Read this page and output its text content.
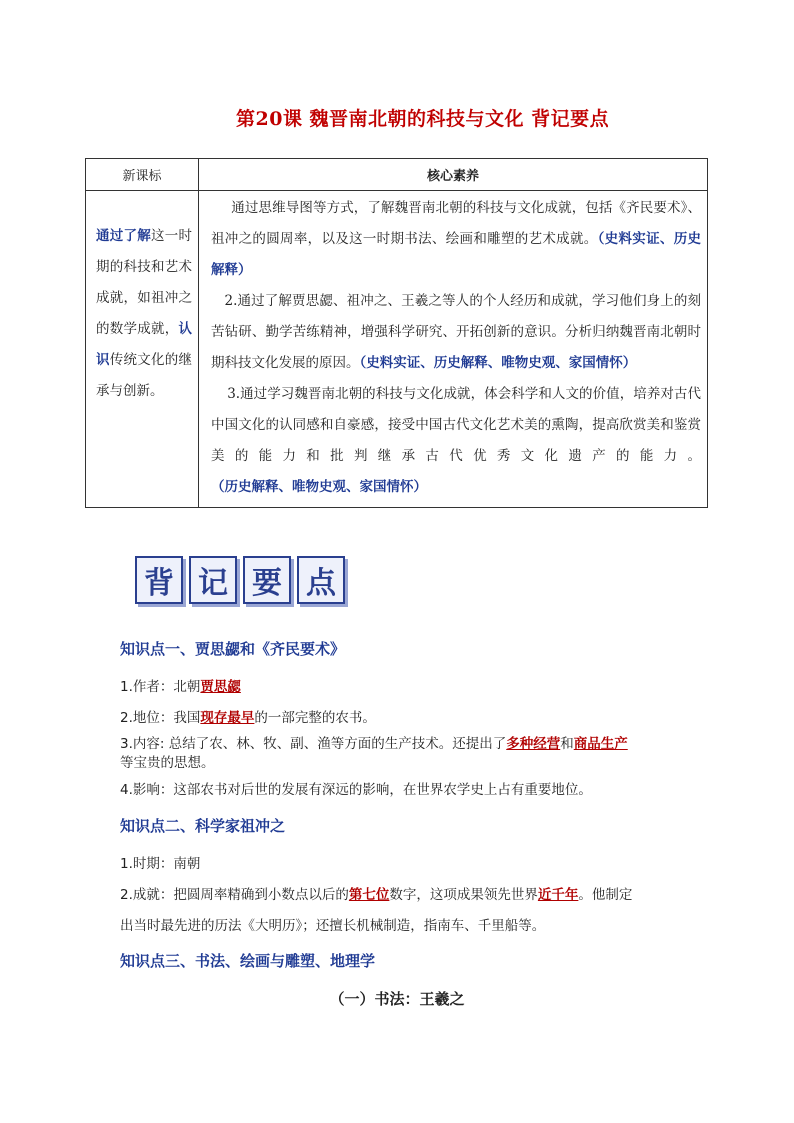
第20课 魏晋南北朝的科技与文化 背记要点
新课标	核心素养

通过了解这一时期的科技和艺术成就，如祖冲之的数学成就，认识传统文化的继承与创新。	通过思维导图等方式，了解魏晋南北朝的科技与文化成就，包括《齐民要术》、祖冲之的圆周率，以及这一时期书法、绘画和雕塑的艺术成就。（史料实证、历史解释）
2.通过了解贾思勰、祖冲之、王羲之等人的个人经历和成就，学习他们身上的刻苦钻研、勤学苦练精神，增强科学研究、开拓创新的意识。分析归纳魏晋南北朝时期科技文化发展的原因。（史料实证、历史解释、唯物史观、家国情怀）
3.通过学习魏晋南北朝的科技与文化成就，体会科学和人文的价值，培养对古代中国文化的认同感和自豪感，接受中国古代文化艺术美的熏陶，提高欣赏美和鉴赏美的能力和批判继承古代优秀文化遗产的能力。（历史解释、唯物史观、家国情怀）
背 记 要 点
知识点一、贾思勰和《齐民要术》
1.作者：北朝贾思勰
2.地位：我国现存最早的一部完整的农书。
3.内容: 总结了农、林、牧、副、渔等方面的生产技术。还提出了多种经营和商品生产
等宝贵的思想。
4.影响：这部农书对后世的发展有深远的影响，在世界农学史上占有重要地位。
知识点二、科学家祖冲之
1.时期：南朝
2.成就：把圆周率精确到小数点以后的第七位数字，这项成果领先世界近千年。他制定
出当时最先进的历法《大明历》；还擅长机械制造，指南车、千里船等。
知识点三、书法、绘画与雕塑、地理学
（一）书法：王羲之
